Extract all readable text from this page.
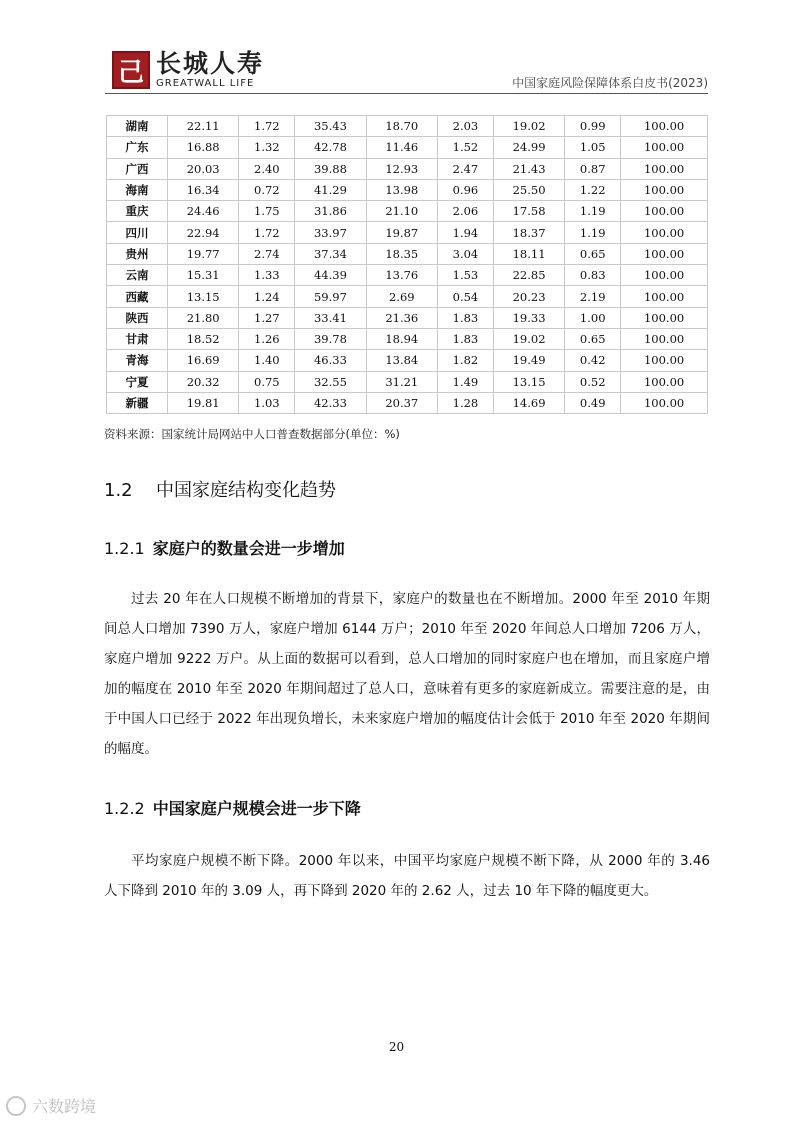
己 长城人寿
GREATWALL LIFE	中国家庭风险保障体系白皮书(2023)
湖南	22.11	1.72	35.43	18.70	2.03	19.02	0.99	100.00
广东	16.88	1.32	42.78	11.46	1.52	24.99	1.05	100.00
广西	20.03	2.40	39.88	12.93	2.47	21.43	0.87	100.00
海南	16.34	0.72	41.29	13.98	0.96	25.50	1.22	100.00
重庆	24.46	1.75	31.86	21.10	2.06	17.58	1.19	100.00
四川	22.94	1.72	33.97	19.87	1.94	18.37	1.19	100.00
贵州	19.77	2.74	37.34	18.35	3.04	18.11	0.65	100.00
云南	15.31	1.33	44.39	13.76	1.53	22.85	0.83	100.00
西藏	13.15	1.24	59.97	2.69	0.54	20.23	2.19	100.00
陕西	21.80	1.27	33.41	21.36	1.83	19.33	1.00	100.00
甘肃	18.52	1.26	39.78	18.94	1.83	19.02	0.65	100.00
青海	16.69	1.40	46.33	13.84	1.82	19.49	0.42	100.00
宁夏	20.32	0.75	32.55	31.21	1.49	13.15	0.52	100.00
新疆	19.81	1.03	42.33	20.37	1.28	14.69	0.49	100.00
资料来源：国家统计局网站中人口普查数据部分(单位：%)
1.2 中国家庭结构变化趋势
1.2.1 家庭户的数量会进一步增加

过去 20 年在人口规模不断增加的背景下，家庭户的数量也在不断增加。2000 年至 2010 年期间总人口增加 7390 万人，家庭户增加 6144 万户；2010 年至 2020 年间总人口增加 7206 万人，家庭户增加 9222 万户。从上面的数据可以看到，总人口增加的同时家庭户也在增加，而且家庭户增加的幅度在 2010 年至 2020 年期间超过了总人口，意味着有更多的家庭新成立。需要注意的是，由于中国人口已经于 2022 年出现负增长，未来家庭户增加的幅度估计会低于 2010 年至 2020 年期间的幅度。

1.2.2 中国家庭户规模会进一步下降

平均家庭户规模不断下降。2000 年以来，中国平均家庭户规模不断下降，从 2000 年的 3.46 人下降到 2010 年的 3.09 人，再下降到 2020 年的 2.62 人，过去 10 年下降的幅度更大。

20
六数跨境
